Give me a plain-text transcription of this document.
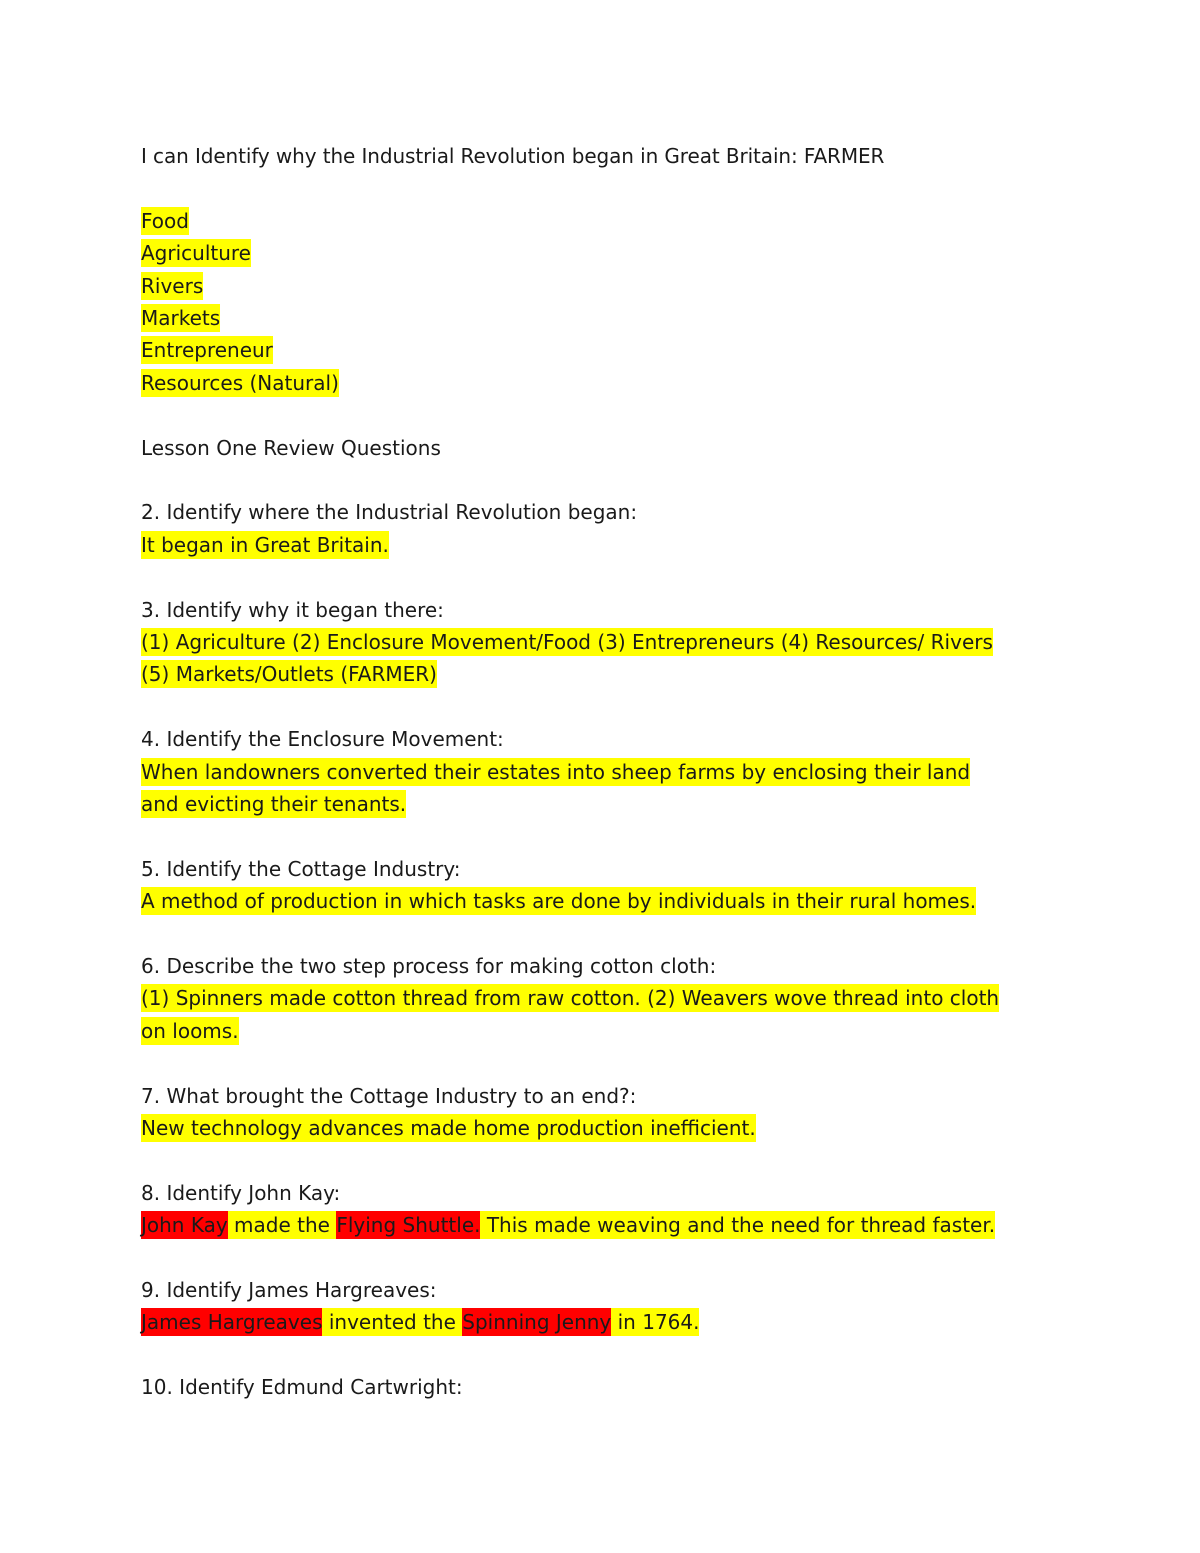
I can Identify why the Industrial Revolution began in Great Britain: FARMER
Food
Agriculture
Rivers
Markets
Entrepreneur
Resources (Natural)
Lesson One Review Questions
2. Identify where the Industrial Revolution began:
It began in Great Britain.
3. Identify why it began there:
(1) Agriculture (2) Enclosure Movement/Food (3) Entrepreneurs (4) Resources/ Rivers
(5) Markets/Outlets (FARMER)
4. Identify the Enclosure Movement:
When landowners converted their estates into sheep farms by enclosing their land
and evicting their tenants.
5. Identify the Cottage Industry:
A method of production in which tasks are done by individuals in their rural homes.
6. Describe the two step process for making cotton cloth:
(1) Spinners made cotton thread from raw cotton. (2) Weavers wove thread into cloth
on looms.
7. What brought the Cottage Industry to an end?:
New technology advances made home production inefficient.
8. Identify John Kay:
John Kay made the Flying Shuttle. This made weaving and the need for thread faster.
9. Identify James Hargreaves:
James Hargreaves invented the Spinning Jenny in 1764.
10. Identify Edmund Cartwright:
